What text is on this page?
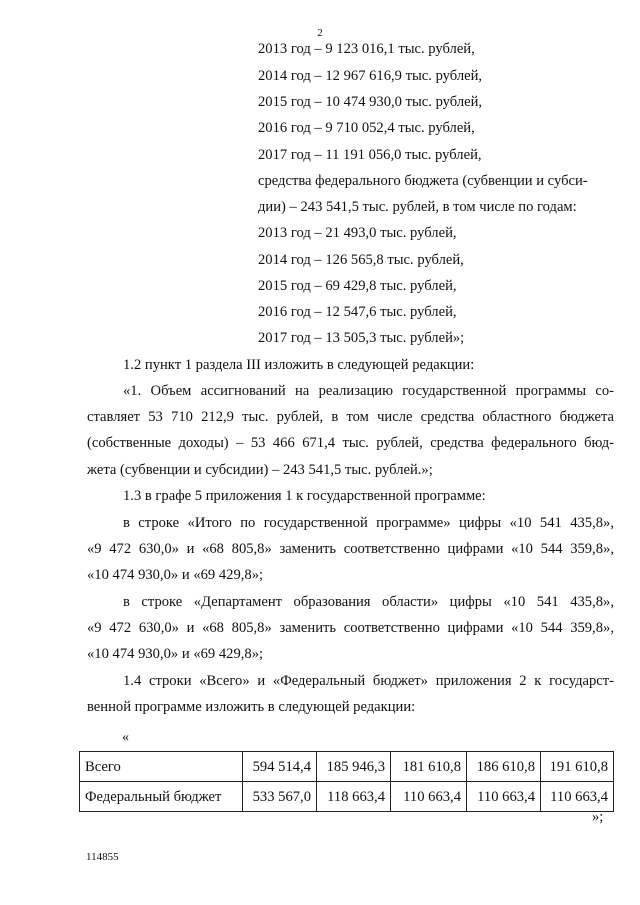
2
2013 год – 9 123 016,1 тыс. рублей,
2014 год – 12 967 616,9 тыс. рублей,
2015 год – 10 474 930,0 тыс. рублей,
2016 год – 9 710 052,4 тыс. рублей,
2017 год – 11 191 056,0 тыс. рублей,
средства федерального бюджета (субвенции и субси-
дии) – 243 541,5 тыс. рублей, в том числе по годам:
2013 год – 21 493,0 тыс. рублей,
2014 год – 126 565,8 тыс. рублей,
2015 год – 69 429,8 тыс. рублей,
2016 год – 12 547,6 тыс. рублей,
2017 год – 13 505,3 тыс. рублей»;
1.2 пункт 1 раздела III изложить в следующей редакции:
«1. Объем ассигнований на реализацию государственной программы со-
ставляет 53 710 212,9 тыс. рублей, в том числе средства областного бюджета
(собственные доходы) – 53 466 671,4 тыс. рублей, средства федерального бюд-
жета (субвенции и субсидии) – 243 541,5 тыс. рублей.»;
1.3 в графе 5 приложения 1 к государственной программе:
в строке «Итого по государственной программе» цифры «10 541 435,8»,
«9 472 630,0» и «68 805,8» заменить соответственно цифрами «10 544 359,8»,
«10 474 930,0» и «69 429,8»;
в строке «Департамент образования области» цифры «10 541 435,8»,
«9 472 630,0» и «68 805,8» заменить соответственно цифрами «10 544 359,8»,
«10 474 930,0» и «69 429,8»;
1.4 строки «Всего» и «Федеральный бюджет» приложения 2 к государст-
венной программе изложить в следующей редакции:
«
Всего	594 514,4	185 946,3	181 610,8	186 610,8	191 610,8
Федеральный бюджет	533 567,0	118 663,4	110 663,4	110 663,4	110 663,4
»;
114855
